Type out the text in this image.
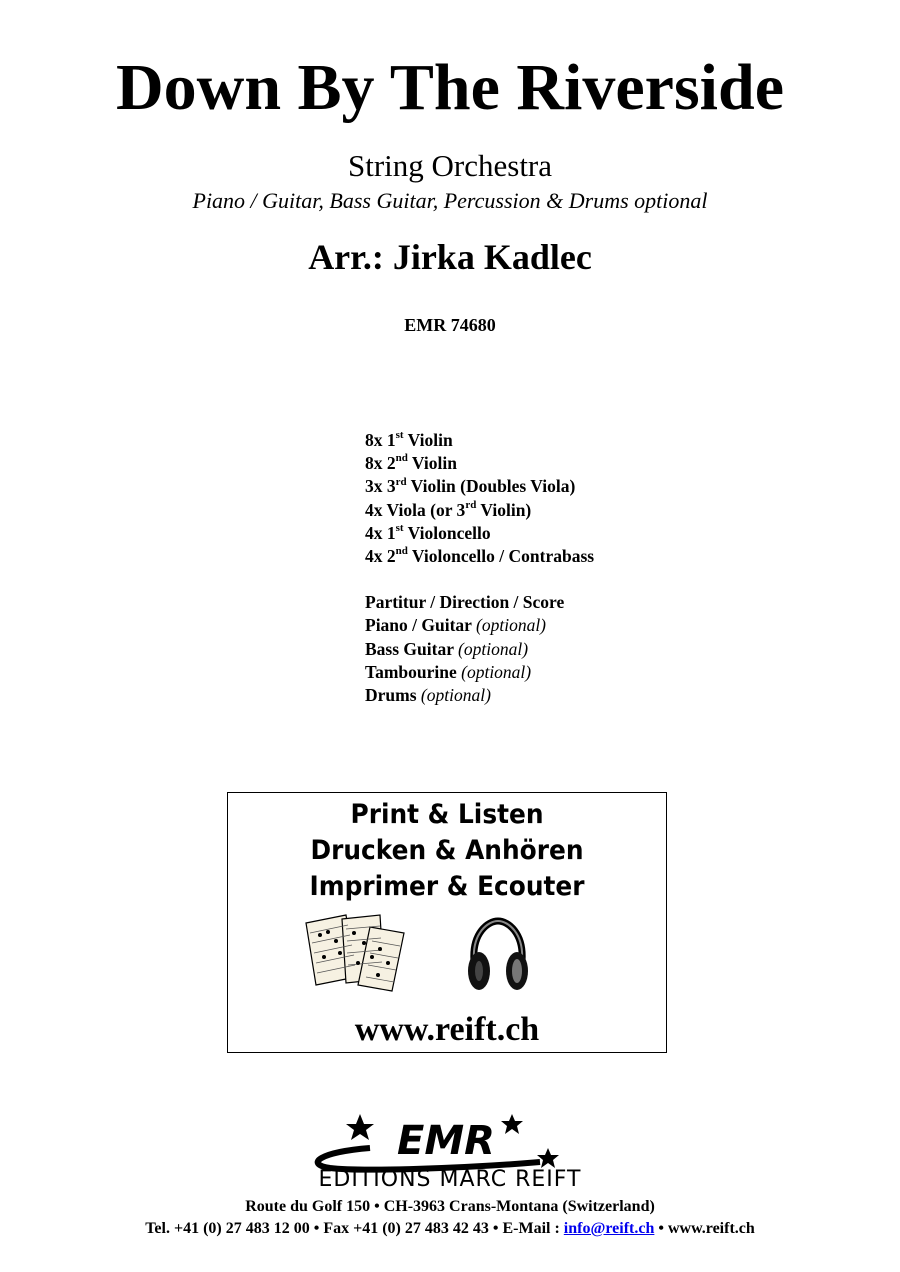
Down By The Riverside
String Orchestra
Piano / Guitar, Bass Guitar, Percussion & Drums optional
Arr.: Jirka Kadlec
EMR 74680
8x 1st Violin
8x 2nd Violin
3x 3rd Violin (Doubles Viola)
4x Viola (or 3rd Violin)
4x 1st Violoncello
4x 2nd Violoncello / Contrabass
Partitur / Direction / Score
Piano / Guitar (optional)
Bass Guitar (optional)
Tambourine (optional)
Drums (optional)
Print & Listen
Drucken & Anhören
Imprimer & Ecouter
www.reift.ch
EMR
EDITIONS MARC REIFT
Route du Golf 150 • CH-3963 Crans-Montana (Switzerland)
Tel. +41 (0) 27 483 12 00 • Fax +41 (0) 27 483 42 43 • E-Mail : info@reift.ch • www.reift.ch
